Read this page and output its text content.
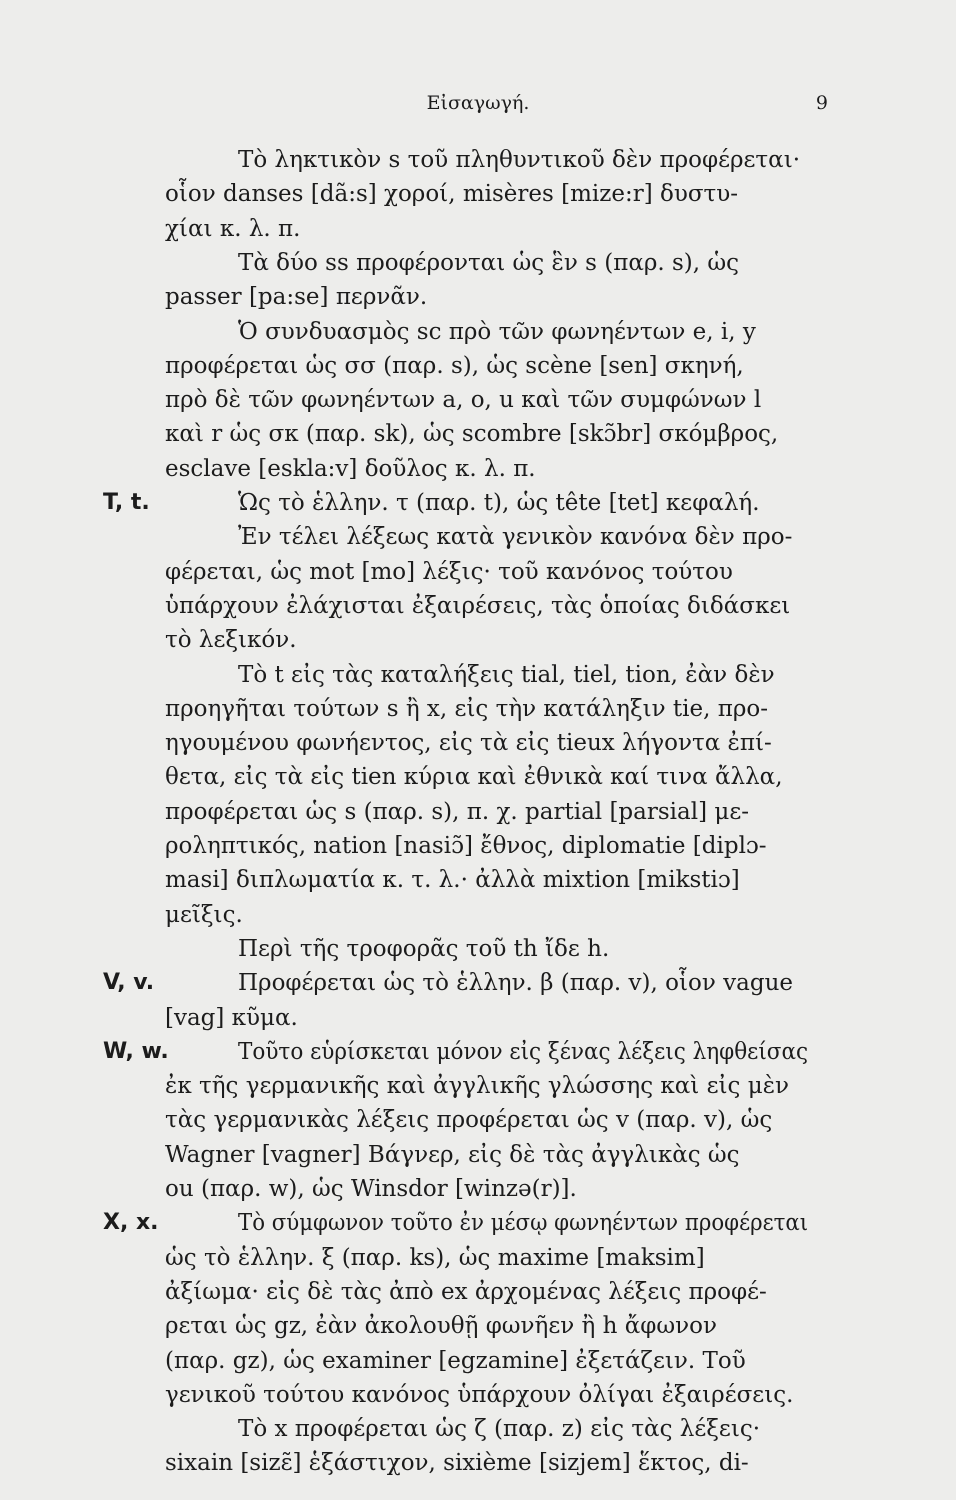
Εἰσαγωγή.	9
Τὸ ληκτικὸν s τοῦ πληθυντικοῦ δὲν προφέρεται·
οἷον danses [dã:s] χοροί, misères [mize:r] δυστυ-
χίαι κ. λ. π.
Τὰ δύο ss προφέρονται ὡς ἓν s (παρ. s), ὡς
passer [pa:se] περνᾶν.
Ὁ συνδυασμὸς sc πρὸ τῶν φωνηέντων e, i, y
προφέρεται ὡς σσ (παρ. s), ὡς scène [sen] σκηνή,
πρὸ δὲ τῶν φωνηέντων a, o, u καὶ τῶν συμφώνων l
καὶ r ὡς σκ (παρ. sk), ὡς scombre [skɔ̃br] σκόμβρος,
esclave [eskla:v] δοῦλος κ. λ. π.
T, t.	Ὡς τὸ ἑλλην. τ (παρ. t), ὡς tête [tet] κεφαλή.
Ἐν τέλει λέξεως κατὰ γενικὸν κανόνα δὲν προ-
φέρεται, ὡς mot [mo] λέξις· τοῦ κανόνος τούτου
ὑπάρχουν ἐλάχισται ἐξαιρέσεις, τὰς ὁποίας διδάσκει
τὸ λεξικόν.
Τὸ t εἰς τὰς καταλήξεις tial, tiel, tion, ἐὰν δὲν
προηγῆται τούτων s ἢ x, εἰς τὴν κατάληξιν tie, προ-
ηγουμένου φωνήεντος, εἰς τὰ εἰς tieux λήγοντα ἐπί-
θετα, εἰς τὰ εἰς tien κύρια καὶ ἐθνικὰ καί τινα ἄλλα,
προφέρεται ὡς s (παρ. s), π. χ. partial [parsial] με-
ροληπτικός, nation [nasiɔ̃] ἔθνος, diplomatie [diplɔ-
masi] διπλωματία κ. τ. λ.· ἀλλὰ mixtion [mikstiɔ]
μεῖξις.
Περὶ τῆς τροφορᾶς τοῦ th ἴδε h.
V, v.	Προφέρεται ὡς τὸ ἑλλην. β (παρ. v), οἷον vague
[vag] κῦμα.
W, w.	Τοῦτο εὑρίσκεται μόνον εἰς ξένας λέξεις ληφθείσας
ἐκ τῆς γερμανικῆς καὶ ἀγγλικῆς γλώσσης καὶ εἰς μὲν
τὰς γερμανικὰς λέξεις προφέρεται ὡς v (παρ. v), ὡς
Wagner [vagner] Βάγνερ, εἰς δὲ τὰς ἀγγλικὰς ὡς
ou (παρ. w), ὡς Winsdor [winzə(r)].
X, x.	Τὸ σύμφωνον τοῦτο ἐν μέσῳ φωνηέντων προφέρεται
ὡς τὸ ἑλλην. ξ (παρ. ks), ὡς maxime [maksim]
ἀξίωμα· εἰς δὲ τὰς ἀπὸ ex ἀρχομένας λέξεις προφέ-
ρεται ὡς gz, ἐὰν ἀκολουθῇ φωνῆεν ἢ h ἄφωνον
(παρ. gz), ὡς examiner [egzamine] ἐξετάζειν. Τοῦ
γενικοῦ τούτου κανόνος ὑπάρχουν ὀλίγαι ἐξαιρέσεις.
Τὸ x προφέρεται ὡς ζ (παρ. z) εἰς τὰς λέξεις·
sixain [sizɛ̃] ἑξάστιχον, sixième [sizjem] ἕκτος, di-
